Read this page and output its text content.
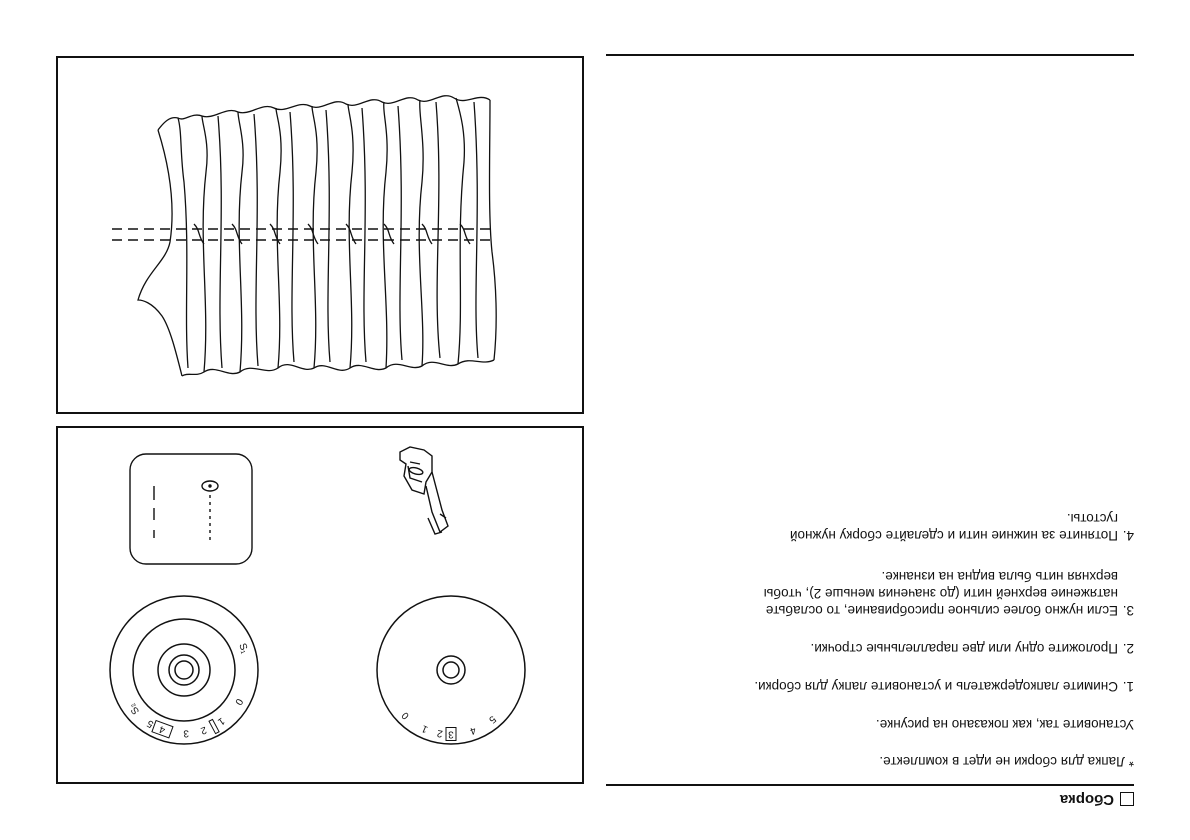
Сборка
* Лапка для сборки не идет в комплекте.
Установите так, как показано на рисунке.
1.Снимите лапкодержатель и установите лапку для сборки.
2.Проложите одну или две параллельные строчки.
3.Если нужно более сильное присобривание, то ослабьте
натяжение верхней нити (до значения меньше 2), чтобы
верхняя нить была видна на изнанке.
4.Потяните за нижние нити и сделайте сборку нужной
густоты.
0
1 2 3 4
5
0
1
2
3
4
5
S₁
S₂
